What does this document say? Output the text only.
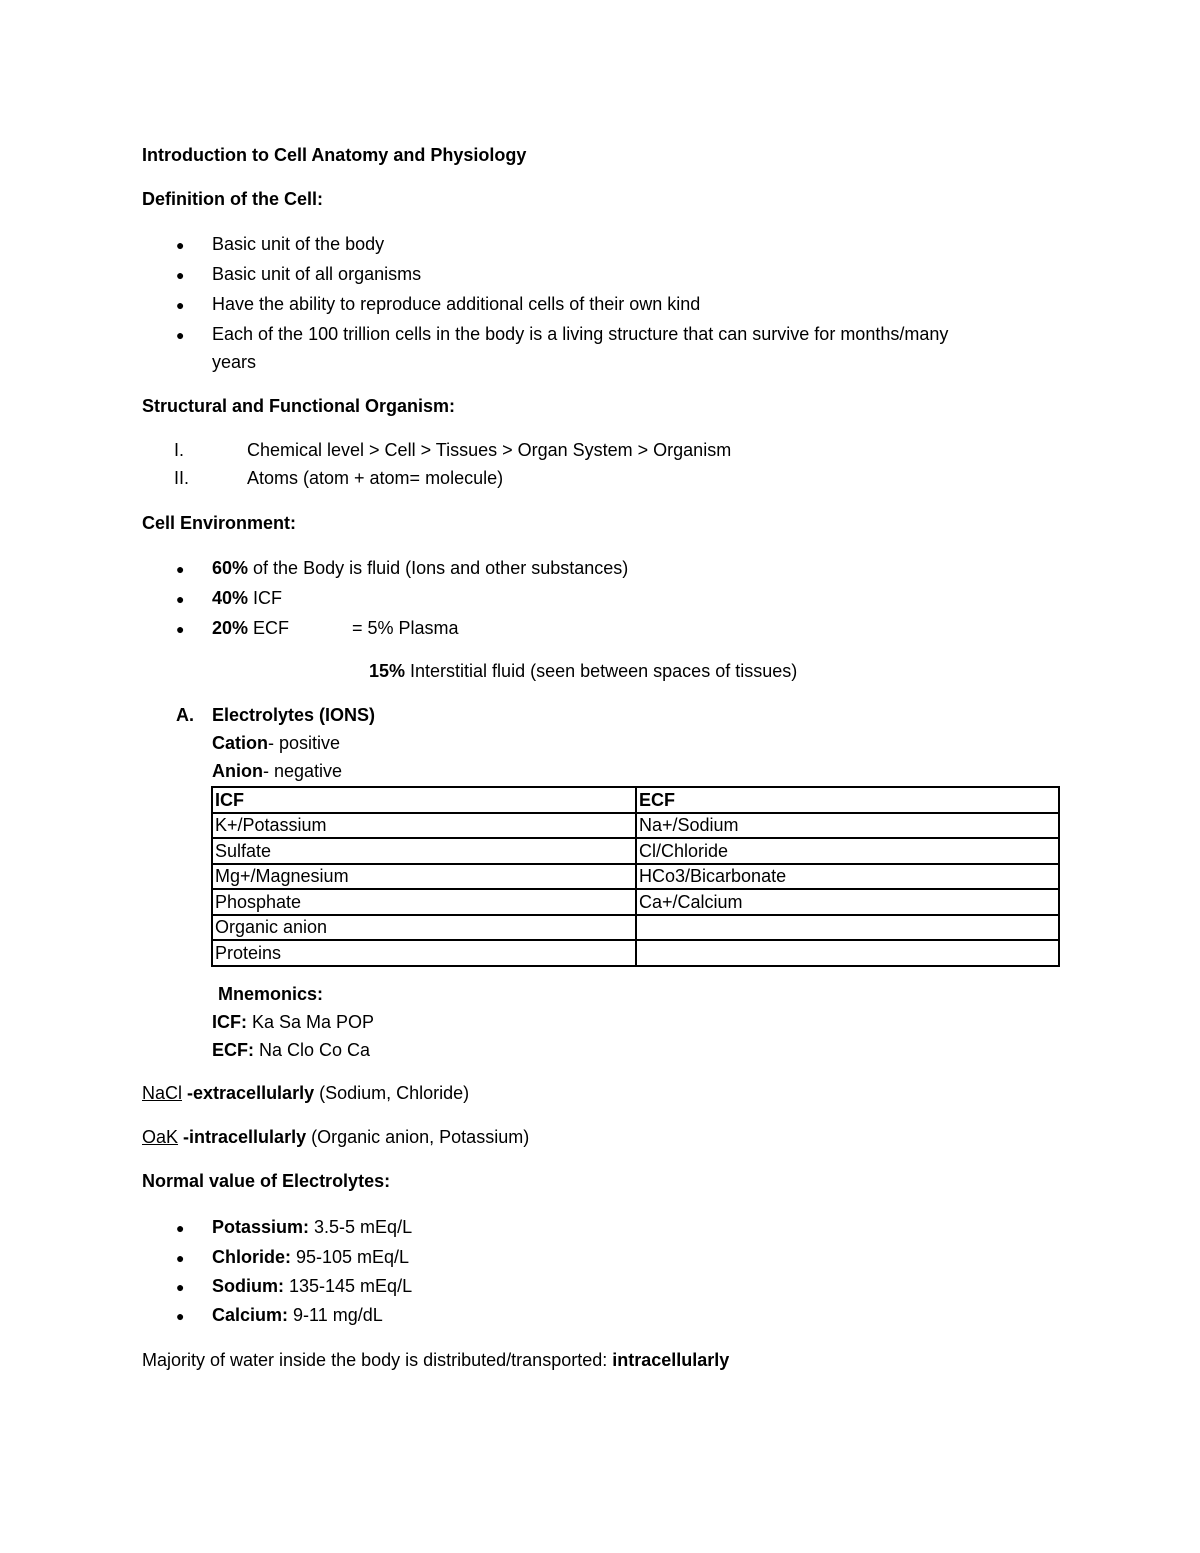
Introduction to Cell Anatomy and Physiology
Definition of the Cell:
● Basic unit of the body
● Basic unit of all organisms
● Have the ability to reproduce additional cells of their own kind
● Each of the 100 trillion cells in the body is a living structure that can survive for months/many
years
Structural and Functional Organism:
I.	Chemical level > Cell > Tissues > Organ System > Organism
II.	Atoms (atom + atom= molecule)
Cell Environment:
● 60% of the Body is fluid (Ions and other substances)
● 40% ICF
● 20% ECF	= 5% Plasma
15% Interstitial fluid (seen between spaces of tissues)
A. Electrolytes (IONS)
Cation- positive
Anion- negative
ICF	ECF
K+/Potassium	Na+/Sodium
Sulfate	Cl/Chloride
Mg+/Magnesium	HCo3/Bicarbonate
Phosphate	Ca+/Calcium
Organic anion	
Proteins	
Mnemonics:
ICF: Ka Sa Ma POP
ECF: Na Clo Co Ca
NaCl -extracellularly (Sodium, Chloride)
OaK -intracellularly (Organic anion, Potassium)
Normal value of Electrolytes:
● Potassium: 3.5-5 mEq/L
● Chloride: 95-105 mEq/L
● Sodium: 135-145 mEq/L
● Calcium: 9-11 mg/dL
Majority of water inside the body is distributed/transported: intracellularly
